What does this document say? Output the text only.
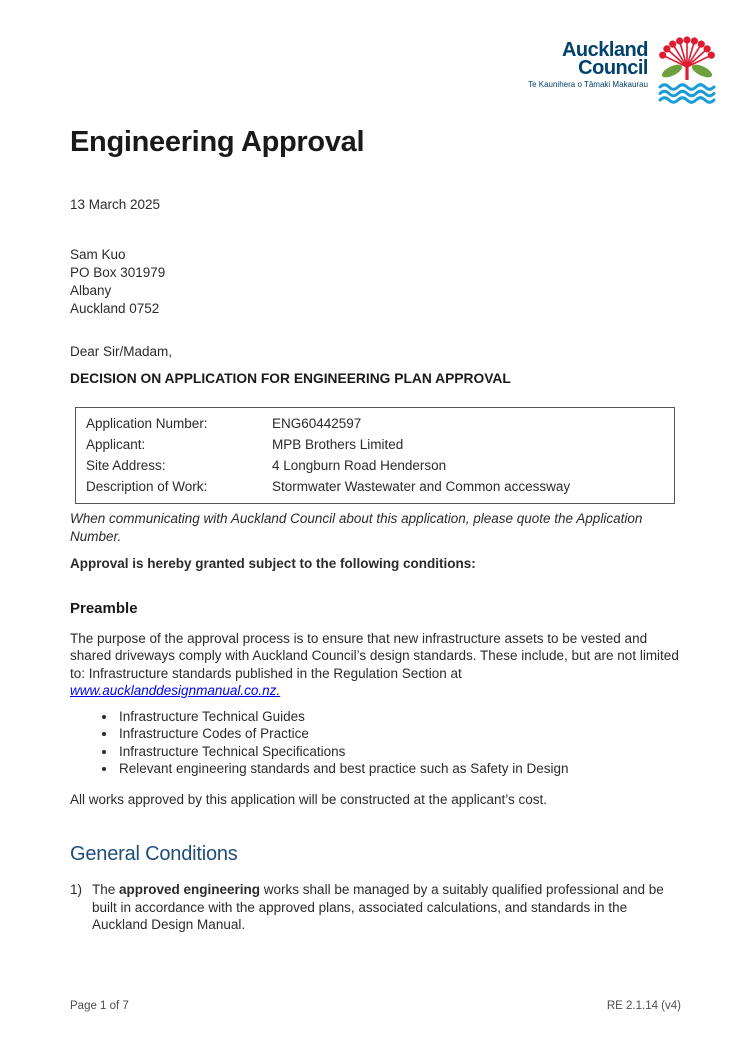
Auckland
Council
Te Kaunihera o Tāmaki Makaurau
Engineering Approval
13 March 2025
Sam Kuo
PO Box 301979
Albany
Auckland 0752
Dear Sir/Madam,
DECISION ON APPLICATION FOR ENGINEERING PLAN APPROVAL
Application Number:	ENG60442597
Applicant:	MPB Brothers Limited
Site Address:	4 Longburn Road Henderson
Description of Work:	Stormwater Wastewater and Common accessway
When communicating with Auckland Council about this application, please quote the Application Number.
Approval is hereby granted subject to the following conditions:
Preamble
The purpose of the approval process is to ensure that new infrastructure assets to be vested and shared driveways comply with Auckland Council’s design standards. These include, but are not limited to: Infrastructure standards published in the Regulation Section at
www.aucklanddesignmanual.co.nz.
• Infrastructure Technical Guides
• Infrastructure Codes of Practice
• Infrastructure Technical Specifications
• Relevant engineering standards and best practice such as Safety in Design
All works approved by this application will be constructed at the applicant’s cost.
General Conditions
1) The approved engineering works shall be managed by a suitably qualified professional and be built in accordance with the approved plans, associated calculations, and standards in the Auckland Design Manual.
Page 1 of 7	RE 2.1.14 (v4)
